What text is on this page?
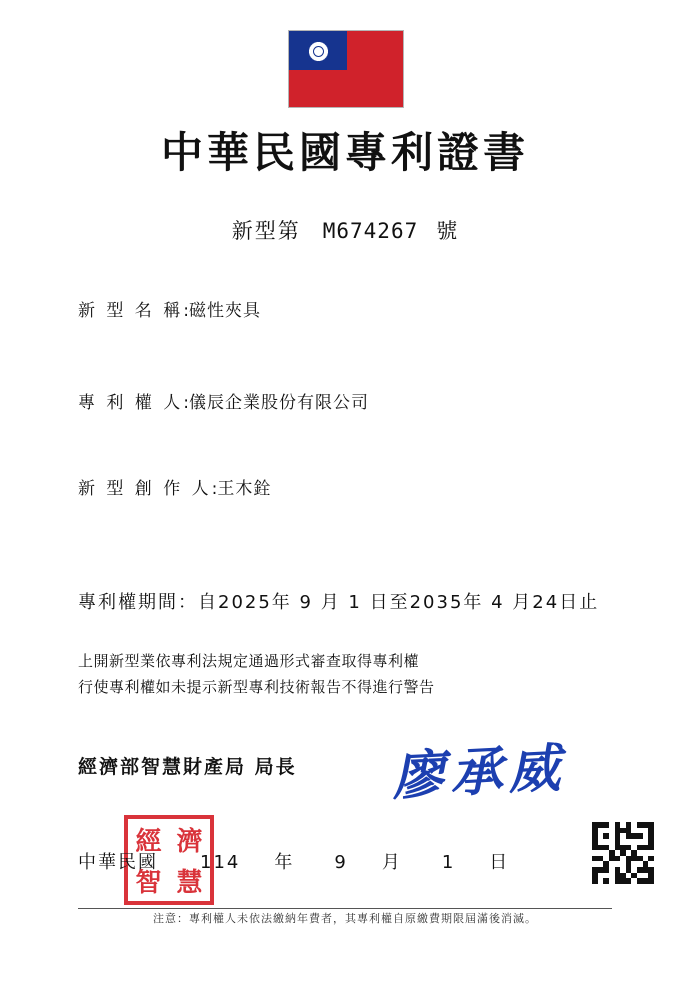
中華民國專利證書
新型第 M674267 號
新 型 名 稱:磁性夾具
專 利 權 人:儀辰企業股份有限公司
新 型 創 作 人:王木銓
專利權期間：自2025年 9 月 1 日至2035年 4 月24日止
上開新型業依專利法規定通過形式審查取得專利權
行使專利權如未提示新型專利技術報告不得進行警告
經濟部智慧財產局 局長 廖承威
經 濟
智 慧
中華民國 114 年 9 月 1 日
注意：專利權人未依法繳納年費者，其專利權自原繳費期限屆滿後消滅。
